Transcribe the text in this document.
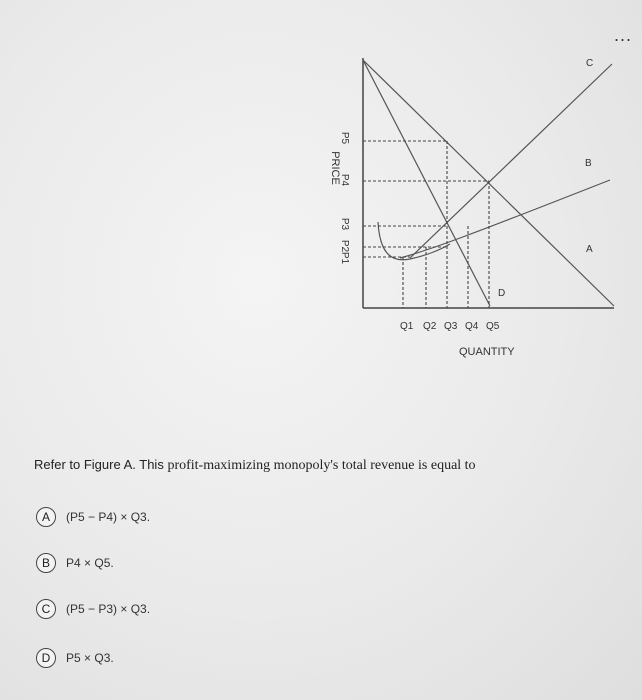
...
PRICE
P5
P4
P3
P2
P1
Q1 Q2 Q3 Q4 Q5
QUANTITY
C
B
A
D
Refer to Figure A. This profit-maximizing monopoly's total revenue is equal to
A	(P5 − P4) × Q3.
B	P4 × Q5.
C	(P5 − P3) × Q3.
D	P5 × Q3.
